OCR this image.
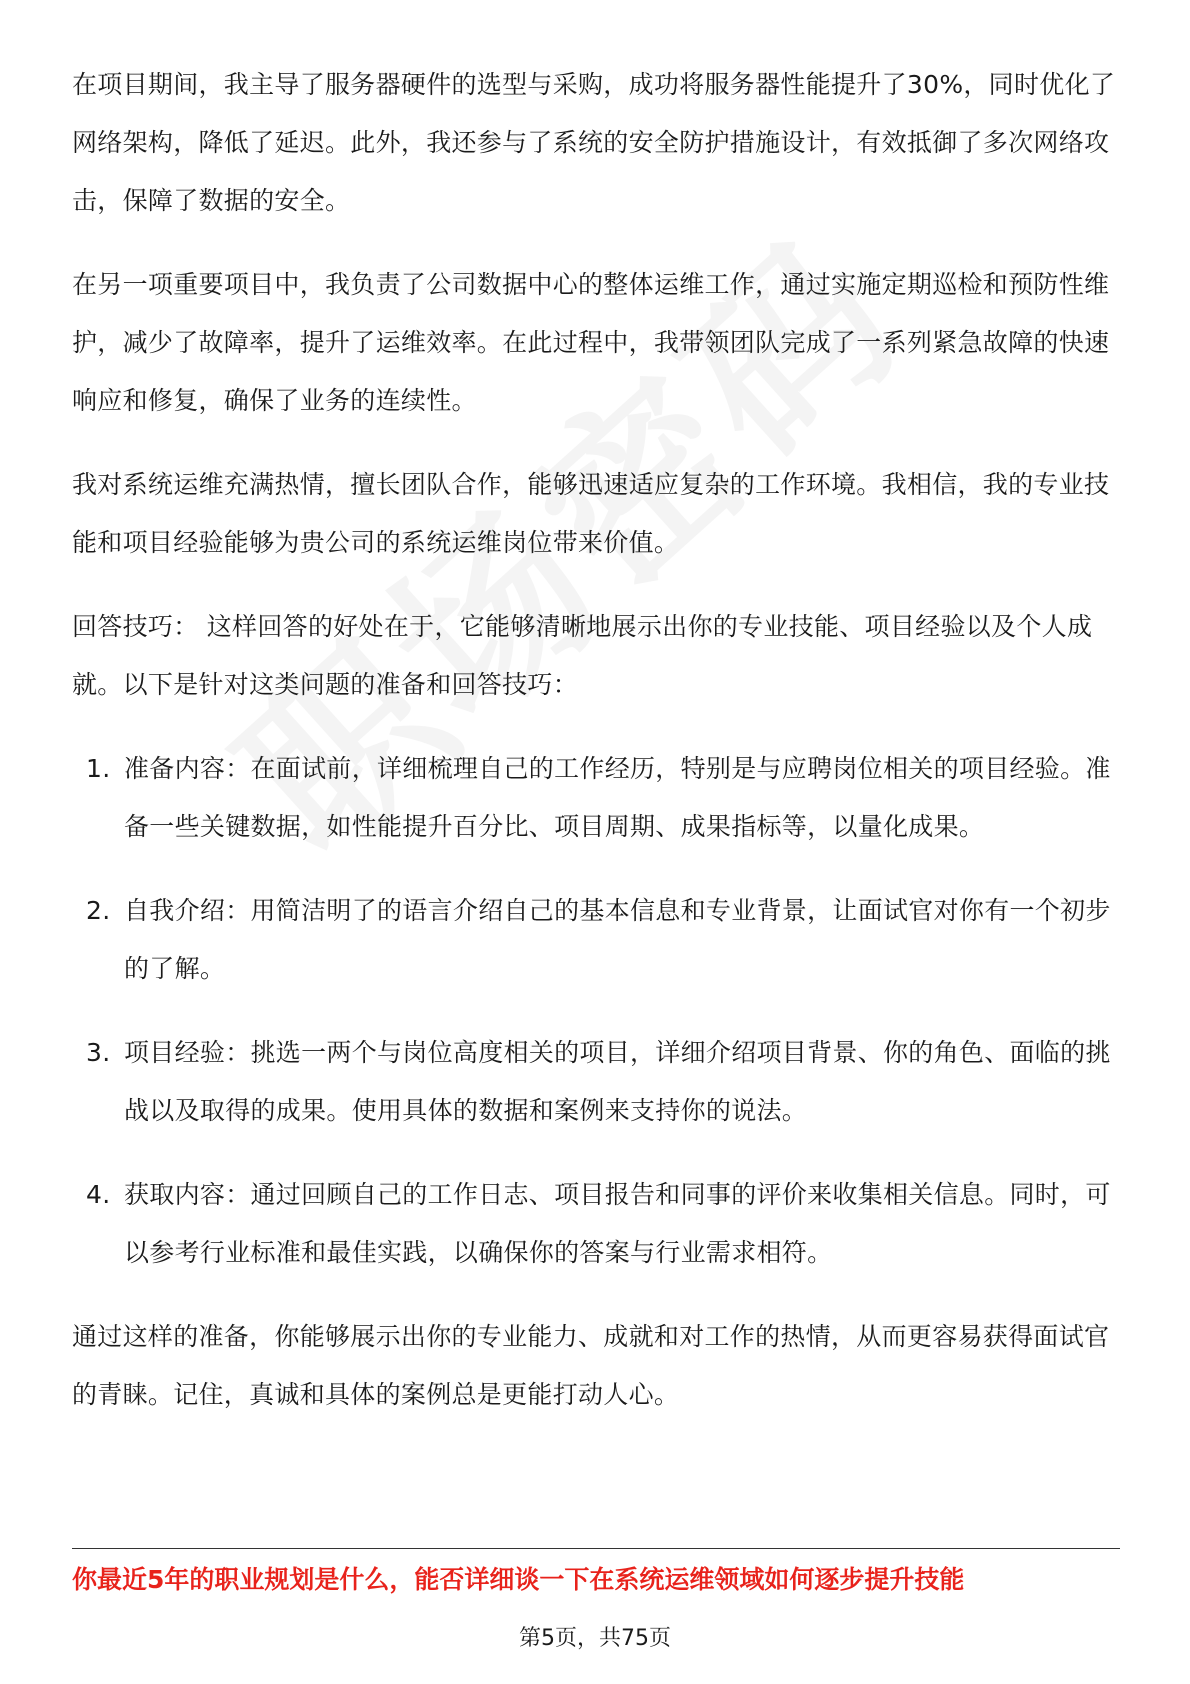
在项目期间，我主导了服务器硬件的选型与采购，成功将服务器性能提升了30%，同时优化了网络架构，降低了延迟。此外，我还参与了系统的安全防护措施设计，有效抵御了多次网络攻击，保障了数据的安全。

在另一项重要项目中，我负责了公司数据中心的整体运维工作，通过实施定期巡检和预防性维护，减少了故障率，提升了运维效率。在此过程中，我带领团队完成了一系列紧急故障的快速响应和修复，确保了业务的连续性。

我对系统运维充满热情，擅长团队合作，能够迅速适应复杂的工作环境。我相信，我的专业技能和项目经验能够为贵公司的系统运维岗位带来价值。

回答技巧： 这样回答的好处在于，它能够清晰地展示出你的专业技能、项目经验以及个人成就。以下是针对这类问题的准备和回答技巧：

1. 准备内容：在面试前，详细梳理自己的工作经历，特别是与应聘岗位相关的项目经验。准备一些关键数据，如性能提升百分比、项目周期、成果指标等，以量化成果。
2. 自我介绍：用简洁明了的语言介绍自己的基本信息和专业背景，让面试官对你有一个初步的了解。
3. 项目经验：挑选一两个与岗位高度相关的项目，详细介绍项目背景、你的角色、面临的挑战以及取得的成果。使用具体的数据和案例来支持你的说法。
4. 获取内容：通过回顾自己的工作日志、项目报告和同事的评价来收集相关信息。同时，可以参考行业标准和最佳实践，以确保你的答案与行业需求相符。

通过这样的准备，你能够展示出你的专业能力、成就和对工作的热情，从而更容易获得面试官的青睐。记住，真诚和具体的案例总是更能打动人心。

你最近5年的职业规划是什么，能否详细谈一下在系统运维领域如何逐步提升技能
第5页，共75页
